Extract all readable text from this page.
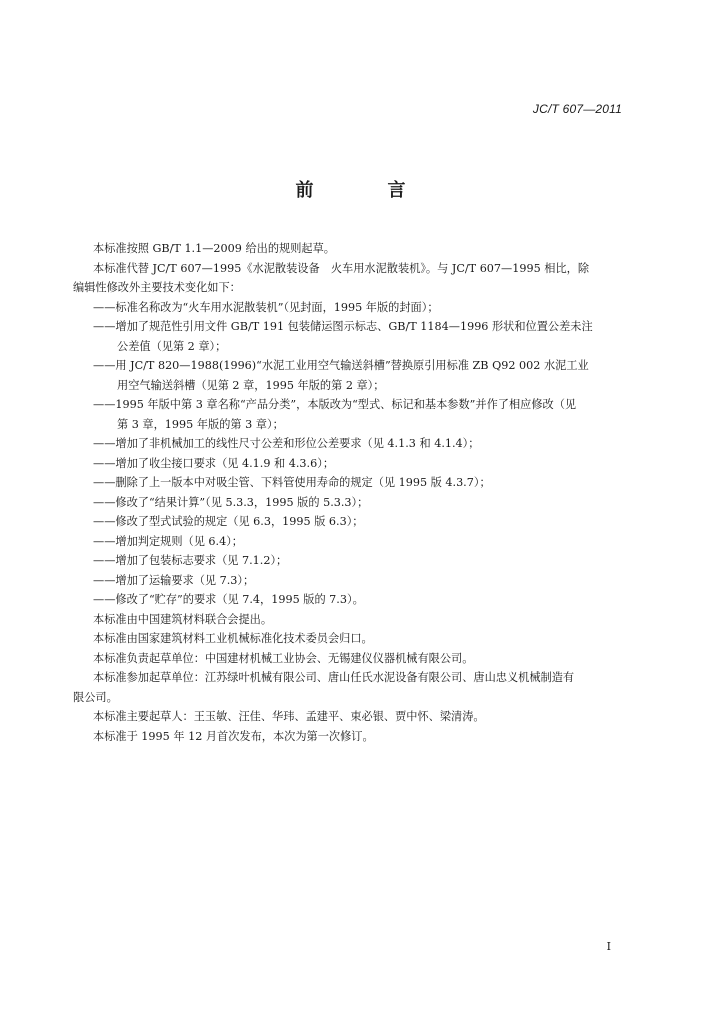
JC/T 607—2011
前　言
本标准按照 GB/T 1.1—2009 给出的规则起草。
本标准代替 JC/T 607—1995《水泥散装设备　火车用水泥散装机》。与 JC/T 607—1995 相比，除
编辑性修改外主要技术变化如下：
——标准名称改为“火车用水泥散装机”（见封面，1995 年版的封面）；
——增加了规范性引用文件 GB/T 191 包装储运图示标志、GB/T 1184—1996 形状和位置公差未注
公差值（见第 2 章）；
——用 JC/T 820—1988(1996)“水泥工业用空气输送斜槽”替换原引用标准 ZB Q92 002 水泥工业
用空气输送斜槽（见第 2 章，1995 年版的第 2 章）；
——1995 年版中第 3 章名称“产品分类”，本版改为“型式、标记和基本参数”并作了相应修改（见
第 3 章，1995 年版的第 3 章）；
——增加了非机械加工的线性尺寸公差和形位公差要求（见 4.1.3 和 4.1.4）；
——增加了收尘接口要求（见 4.1.9 和 4.3.6）；
——删除了上一版本中对吸尘管、下料管使用寿命的规定（见 1995 版 4.3.7）；
——修改了“结果计算”（见 5.3.3，1995 版的 5.3.3）；
——修改了型式试验的规定（见 6.3，1995 版 6.3）；
——增加判定规则（见 6.4）；
——增加了包装标志要求（见 7.1.2）；
——增加了运输要求（见 7.3）；
——修改了“贮存”的要求（见 7.4，1995 版的 7.3）。
本标准由中国建筑材料联合会提出。
本标准由国家建筑材料工业机械标准化技术委员会归口。
本标准负责起草单位：中国建材机械工业协会、无锡建仪仪器机械有限公司。
本标准参加起草单位：江苏绿叶机械有限公司、唐山任氏水泥设备有限公司、唐山忠义机械制造有
限公司。
本标准主要起草人：王玉敏、汪佳、华玮、孟建平、束必银、贾中怀、梁清涛。
本标准于 1995 年 12 月首次发布，本次为第一次修订。
I
